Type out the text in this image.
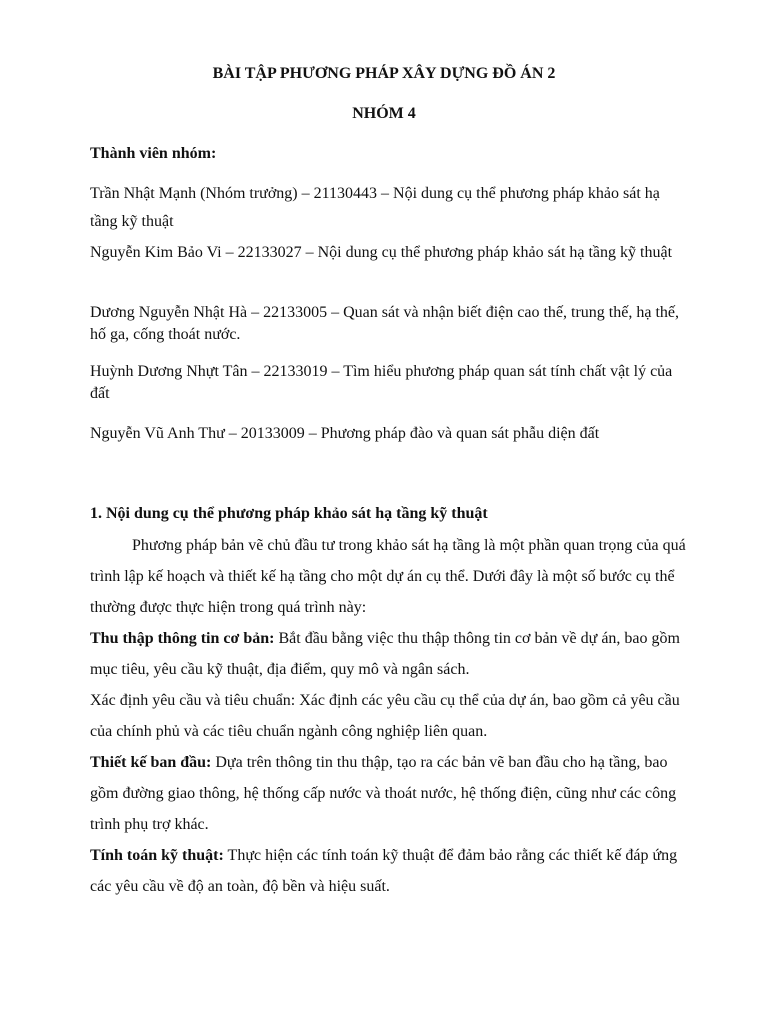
BÀI TẬP PHƯƠNG PHÁP XÂY DỰNG ĐỒ ÁN 2
NHÓM 4
Thành viên nhóm:
Trần Nhật Mạnh (Nhóm trưởng) – 21130443 – Nội dung cụ thể phương pháp khảo sát hạ tầng kỹ thuật
Nguyễn Kim Bảo Vi – 22133027 – Nội dung cụ thể phương pháp khảo sát hạ tầng kỹ thuật
Dương Nguyễn Nhật Hà – 22133005 – Quan sát và nhận biết điện cao thế, trung thế, hạ thế, hố ga, cống thoát nước.
Huỳnh Dương Nhựt Tân – 22133019 – Tìm hiểu phương pháp quan sát tính chất vật lý của đất
Nguyễn Vũ Anh Thư – 20133009 – Phương pháp đào và quan sát phẫu diện đất

1. Nội dung cụ thể phương pháp khảo sát hạ tầng kỹ thuật

Phương pháp bản vẽ chủ đầu tư trong khảo sát hạ tầng là một phần quan trọng của quá trình lập kế hoạch và thiết kế hạ tầng cho một dự án cụ thể. Dưới đây là một số bước cụ thể thường được thực hiện trong quá trình này:

Thu thập thông tin cơ bản: Bắt đầu bằng việc thu thập thông tin cơ bản về dự án, bao gồm mục tiêu, yêu cầu kỹ thuật, địa điểm, quy mô và ngân sách.

Xác định yêu cầu và tiêu chuẩn: Xác định các yêu cầu cụ thể của dự án, bao gồm cả yêu cầu của chính phủ và các tiêu chuẩn ngành công nghiệp liên quan.

Thiết kế ban đầu: Dựa trên thông tin thu thập, tạo ra các bản vẽ ban đầu cho hạ tầng, bao gồm đường giao thông, hệ thống cấp nước và thoát nước, hệ thống điện, cũng như các công trình phụ trợ khác.

Tính toán kỹ thuật: Thực hiện các tính toán kỹ thuật để đảm bảo rằng các thiết kế đáp ứng các yêu cầu về độ an toàn, độ bền và hiệu suất.
